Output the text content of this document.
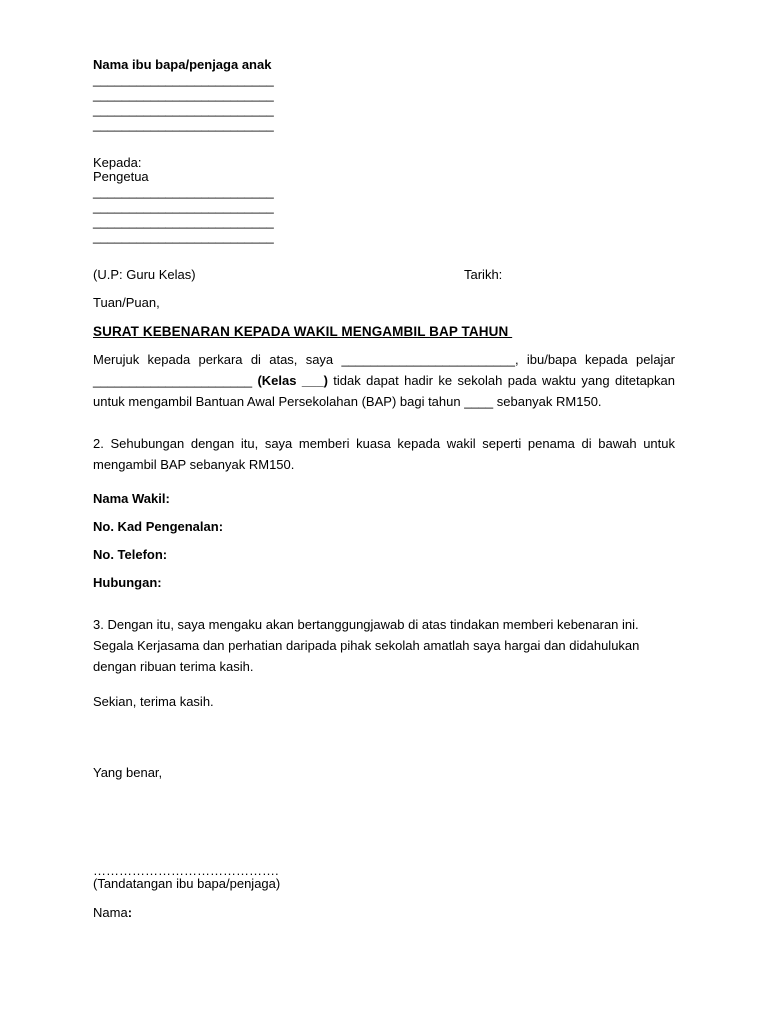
Nama ibu bapa/penjaga anak
_________________________
_________________________
_________________________
_________________________
Kepada:
Pengetua
_________________________
_________________________
_________________________
_________________________
(U.P: Guru Kelas)	Tarikh:
Tuan/Puan,
SURAT KEBENARAN KEPADA WAKIL MENGAMBIL BAP TAHUN
Merujuk kepada perkara di atas, saya ________________________, ibu/bapa kepada pelajar
______________________ (Kelas ___) tidak dapat hadir ke sekolah pada waktu yang ditetapkan
untuk mengambil Bantuan Awal Persekolahan (BAP) bagi tahun ____ sebanyak RM150.
2. Sehubungan dengan itu, saya memberi kuasa kepada wakil seperti penama di bawah untuk
mengambil BAP sebanyak RM150.
Nama Wakil:
No. Kad Pengenalan:
No. Telefon:
Hubungan:
3. Dengan itu, saya mengaku akan bertanggungjawab di atas tindakan memberi kebenaran ini.
Segala Kerjasama dan perhatian daripada pihak sekolah amatlah saya hargai dan didahulukan
dengan ribuan terima kasih.
Sekian, terima kasih.
Yang benar,
…………………………………….
(Tandatangan ibu bapa/penjaga)
Nama:
